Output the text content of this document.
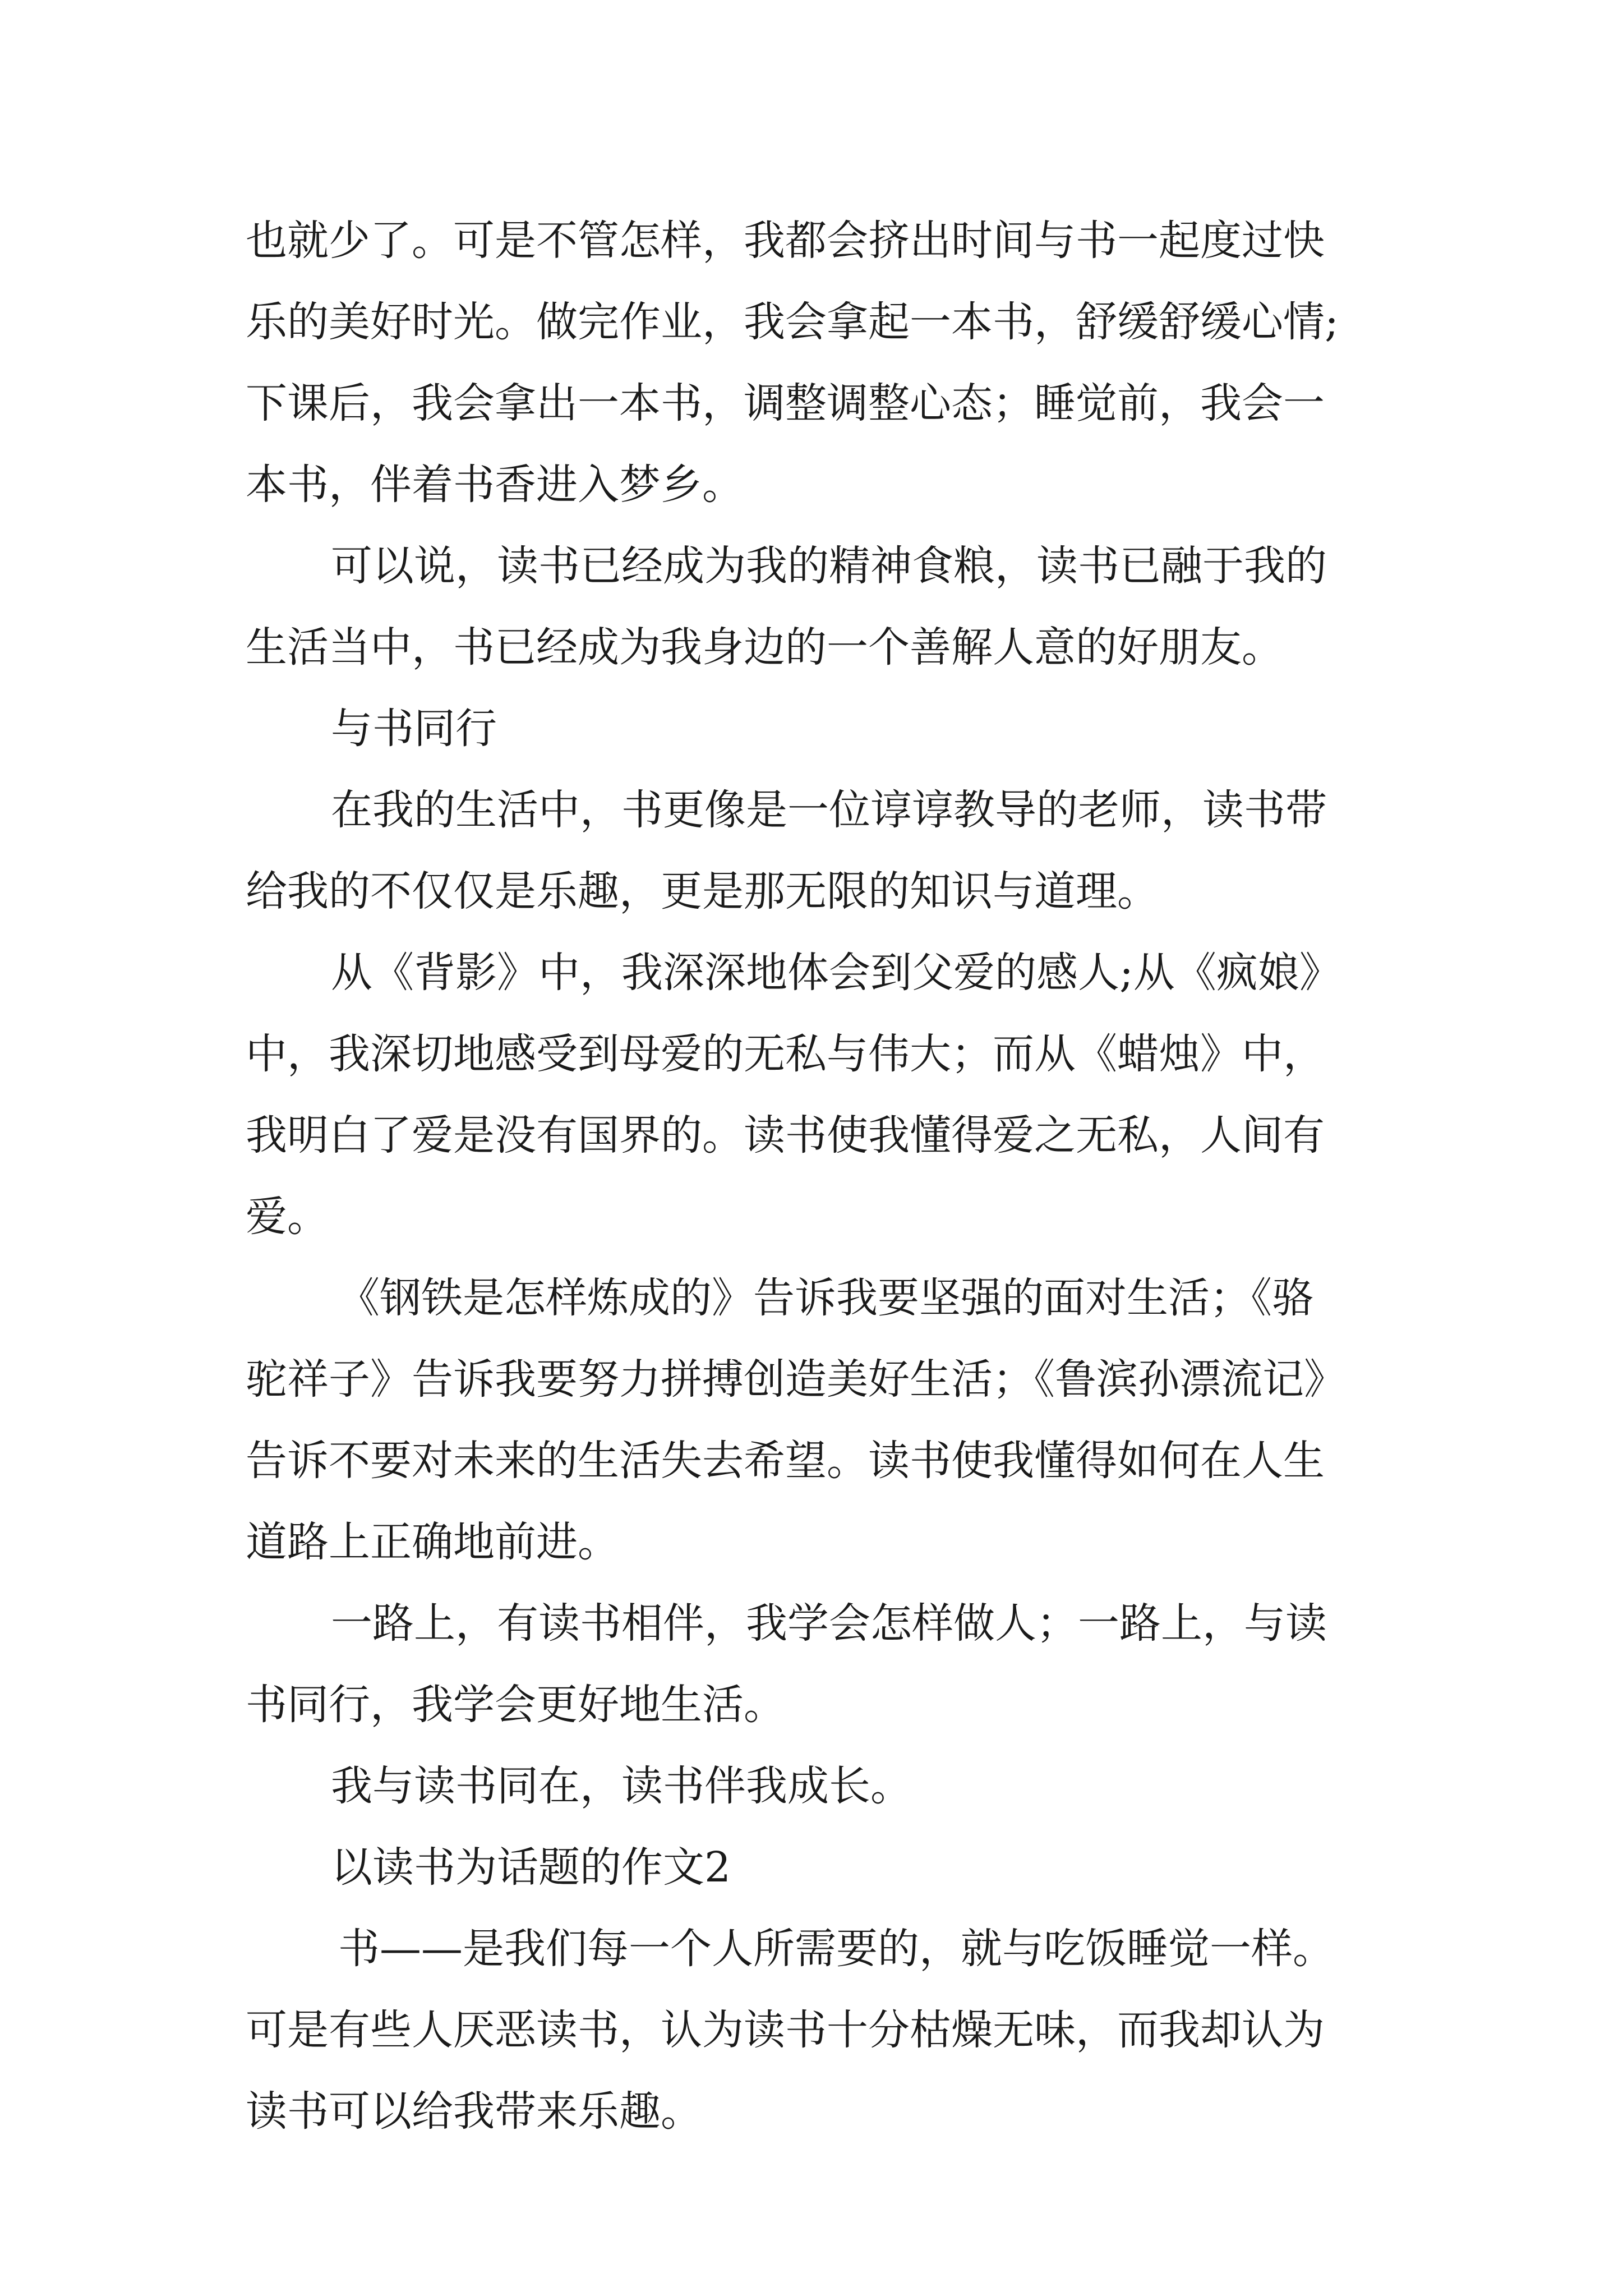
也就少了。可是不管怎样，我都会挤出时间与书一起度过快
乐的美好时光。做完作业，我会拿起一本书，舒缓舒缓心情;
下课后，我会拿出一本书，调整调整心态；睡觉前，我会一
本书，伴着书香进入梦乡。
可以说，读书已经成为我的精神食粮，读书已融于我的
生活当中，书已经成为我身边的一个善解人意的好朋友。
与书同行
在我的生活中，书更像是一位谆谆教导的老师，读书带
给我的不仅仅是乐趣，更是那无限的知识与道理。
从《背影》中，我深深地体会到父爱的感人;从《疯娘》
中，我深切地感受到母爱的无私与伟大；而从《蜡烛》中，
我明白了爱是没有国界的。读书使我懂得爱之无私，人间有
爱。
《钢铁是怎样炼成的》告诉我要坚强的面对生活；《骆
驼祥子》告诉我要努力拼搏创造美好生活；《鲁滨孙漂流记》
告诉不要对未来的生活失去希望。读书使我懂得如何在人生
道路上正确地前进。
一路上，有读书相伴，我学会怎样做人；一路上，与读
书同行，我学会更好地生活。
我与读书同在，读书伴我成长。
以读书为话题的作文2
书——是我们每一个人所需要的，就与吃饭睡觉一样。
可是有些人厌恶读书，认为读书十分枯燥无味，而我却认为
读书可以给我带来乐趣。
